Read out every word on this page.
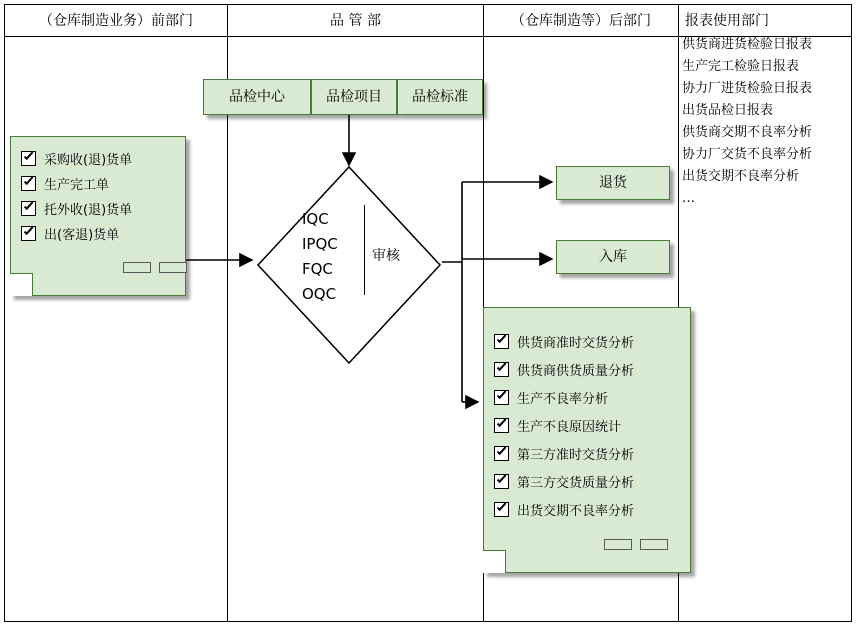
（仓库制造业务）前部门	品 管 部	（仓库制造等）后部门	报表使用部门
采购收(退)货单
生产完工单
托外收(退)货单
出(客退)货单
品检中心	品检项目	品检标准
IQC
IPQC
FQC
OQC
审核
退货
入库
供货商准时交货分析
供货商供货质量分析
生产不良率分析
生产不良原因统计
第三方准时交货分析
第三方交货质量分析
出货交期不良率分析
供货商进货检验日报表
生产完工检验日报表
协力厂进货检验日报表
出货品检日报表
供货商交期不良率分析
协力厂交货不良率分析
出货交期不良率分析
…
